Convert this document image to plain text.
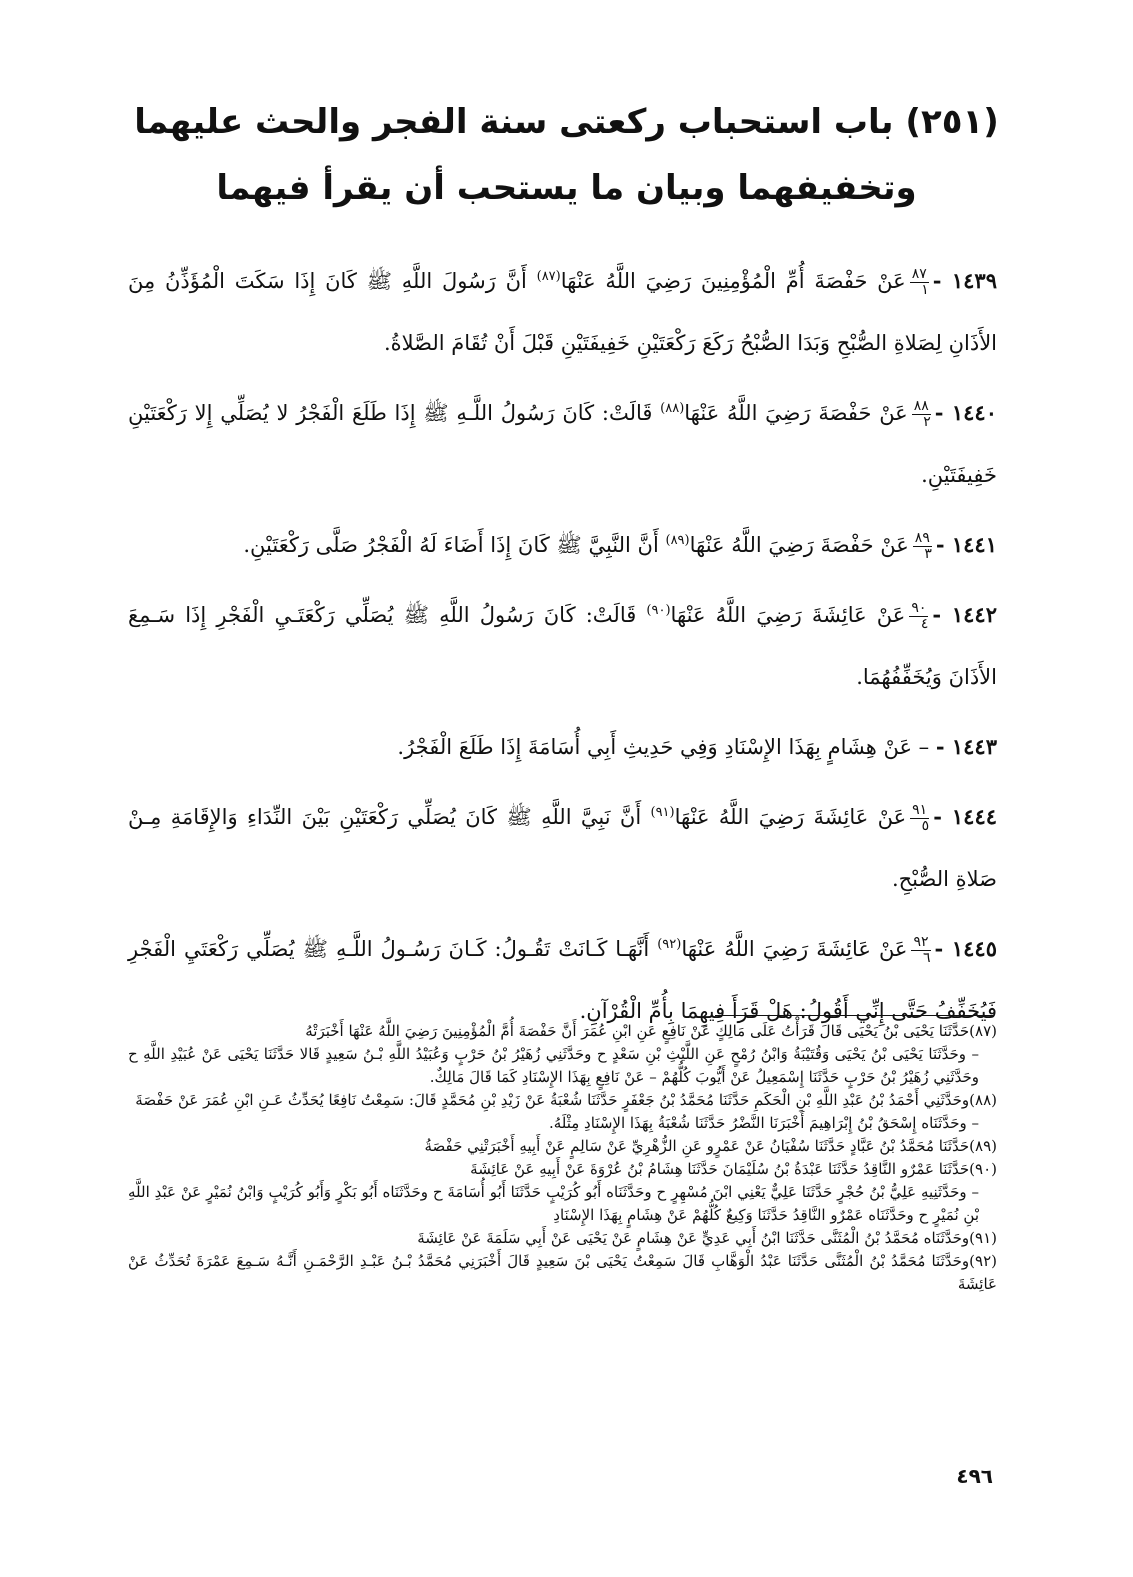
(٢٥١) باب استحباب ركعتى سنة الفجر والحث عليهما
وتخفيفهما وبيان ما يستحب أن يقرأ فيهما

١٤٣٩ -
$\frac{٨٧}{١}$
عَنْ حَفْصَةَ أُمِّ الْمُؤْمِنِينَ رَضِيَ اللَّهُ عَنْهَا$^{(٨٧)}$ أَنَّ رَسُولَ اللَّهِ ﷺ كَانَ إِذَا سَكَتَ الْمُؤَذِّنُ مِنَ الأَذَانِ لِصَلاةِ الصُّبْحِ وَبَدَا الصُّبْحُ رَكَعَ رَكْعَتَيْنِ خَفِيفَتَيْنِ قَبْلَ أَنْ تُقَامَ الصَّلاةُ.

١٤٤٠ -
$\frac{٨٨}{٢}$
عَنْ حَفْصَةَ رَضِيَ اللَّهُ عَنْهَا$^{(٨٨)}$ قَالَتْ: كَانَ رَسُولُ اللَّـهِ ﷺ إِذَا طَلَعَ الْفَجْرُ لا يُصَلِّي إِلا رَكْعَتَيْنِ خَفِيفَتَيْنِ.

١٤٤١ -
$\frac{٨٩}{٣}$
عَنْ حَفْصَةَ رَضِيَ اللَّهُ عَنْهَا$^{(٨٩)}$ أَنَّ النَّبِيَّ ﷺ كَانَ إِذَا أَضَاءَ لَهُ الْفَجْرُ صَلَّى رَكْعَتَيْنِ.

١٤٤٢ -
$\frac{٩٠}{٤}$
عَنْ عَائِشَةَ رَضِيَ اللَّهُ عَنْهَا$^{(٩٠)}$ قَالَتْ: كَانَ رَسُولُ اللَّهِ ﷺ يُصَلِّي رَكْعَتَـيِ الْفَجْرِ إِذَا سَـمِعَ الأَذَانَ وَيُخَفِّفُهُمَا.

١٤٤٣ - – عَنْ هِشَامٍ بِهَذَا الإِسْنَادِ وَفِي حَدِيثِ أَبِي أُسَامَةَ إِذَا طَلَعَ الْفَجْرُ.

١٤٤٤ -
$\frac{٩١}{٥}$
عَنْ عَائِشَةَ رَضِيَ اللَّهُ عَنْهَا$^{(٩١)}$ أَنَّ نَبِيَّ اللَّهِ ﷺ كَانَ يُصَلِّي رَكْعَتَيْنِ بَيْنَ النِّدَاءِ وَالإِقَامَةِ مِـنْ صَلاةِ الصُّبْحِ.

١٤٤٥ -
$\frac{٩٢}{٦}$
عَنْ عَائِشَةَ رَضِيَ اللَّهُ عَنْهَا$^{(٩٢)}$ أَنَّهَـا كَـانَتْ تَقُـولُ: كَـانَ رَسُـولُ اللَّـهِ ﷺ يُصَلِّي رَكْعَتَيِ الْفَجْرِ فَيُخَفِّفُ حَتَّى إِنِّي أَقُولُ: هَلْ قَرَأَ فِيهِمَا بِأُمِّ الْقُرْآنِ.

(٨٧)حَدَّثَنَا يَحْيَى بْنُ يَحْيَى قَالَ قَرَأْتُ عَلَى مَالِكٍ عَنْ نَافِعٍ عَنِ ابْنِ عُمَرَ أَنَّ حَفْصَةَ أُمَّ الْمُؤْمِنِينَ رَضِيَ اللَّهُ عَنْهَا أَخْبَرَتْهُ

– وحَدَّثَنَا يَحْيَى بْنُ يَحْيَى وَقُتَيْبَةُ وَابْنُ رُمْحٍ عَنِ اللَّيْثِ بْنِ سَعْدٍ ح وحَدَّثَنِي زُهَيْرُ بْنُ حَرْبٍ وَعُبَيْدُ اللَّهِ بْـنُ سَعِيدٍ قَالا حَدَّثَنَا يَحْيَى عَنْ عُبَيْدِ اللَّهِ ح وحَدَّثَنِي زُهَيْرُ بْنُ حَرْبٍ حَدَّثَنَا إِسْمَعِيلُ عَنْ أَيُّوبَ كُلُّهُمْ – عَنْ نَافِعٍ بِهَذَا الإِسْنَادِ كَمَا قَالَ مَالِكٌ.

(٨٨)وحَدَّثَنِي أَحْمَدُ بْنُ عَبْدِ اللَّهِ بْنِ الْحَكَمِ حَدَّثَنَا مُحَمَّدُ بْنُ جَعْفَرٍ حَدَّثَنَا شُعْبَةُ عَنْ زَيْدِ بْنِ مُحَمَّدٍ قَالَ: سَمِعْتُ نَافِعًا يُحَدِّثُ عَـنِ ابْنِ عُمَرَ عَنْ حَفْصَةَ

– وحَدَّثَنَاه إِسْحَقُ بْنُ إِبْرَاهِيمَ أَخْبَرَنَا النَّضْرُ حَدَّثَنَا شُعْبَةُ بِهَذَا الإِسْنَادِ مِثْلَهُ.

(٨٩)حَدَّثَنَا مُحَمَّدُ بْنُ عَبَّادٍ حَدَّثَنَا سُفْيَانُ عَنْ عَمْرٍو عَنِ الزُّهْرِيِّ عَنْ سَالِمٍ عَنْ أَبِيهِ أَخْبَرَتْنِي حَفْصَةُ

(٩٠)حَدَّثَنَا عَمْرٌو النَّاقِدُ حَدَّثَنَا عَبْدَةُ بْنُ سُلَيْمَانَ حَدَّثَنَا هِشَامُ بْنُ عُرْوَةَ عَنْ أَبِيهِ عَنْ عَائِشَةَ

– وحَدَّثَنِيهِ عَلِيُّ بْنُ حُجْرٍ حَدَّثَنَا عَلِيٌّ يَعْنِي ابْنَ مُسْهِرٍ ح وحَدَّثَنَاه أَبُو كُرَيْبٍ حَدَّثَنَا أَبُو أُسَامَةَ ح وحَدَّثَنَاه أَبُو بَكْرٍ وَأَبُو كُرَيْبٍ وَابْنُ نُمَيْرٍ عَنْ عَبْدِ اللَّهِ بْنِ نُمَيْرٍ ح وحَدَّثَنَاه عَمْرٌو النَّاقِدُ حَدَّثَنَا وَكِيعٌ كُلُّهُمْ عَنْ هِشَامٍ بِهَذَا الإِسْنَادِ

(٩١)وحَدَّثَنَاه مُحَمَّدُ بْنُ الْمُثَنَّى حَدَّثَنَا ابْنُ أَبِي عَدِيٍّ عَنْ هِشَامٍ عَنْ يَحْيَى عَنْ أَبِي سَلَمَةَ عَنْ عَائِشَةَ

(٩٢)وحَدَّثَنَا مُحَمَّدُ بْنُ الْمُثَنَّى حَدَّثَنَا عَبْدُ الْوَهَّابِ قَالَ سَمِعْتُ يَحْيَى بْنَ سَعِيدٍ قَالَ أَخْبَرَنِي مُحَمَّدُ بْـنُ عَبْـدِ الرَّحْمَـنِ أَنَّـهُ سَـمِعَ عَمْرَةَ تُحَدِّثُ عَنْ عَائِشَةَ

٤٩٦
